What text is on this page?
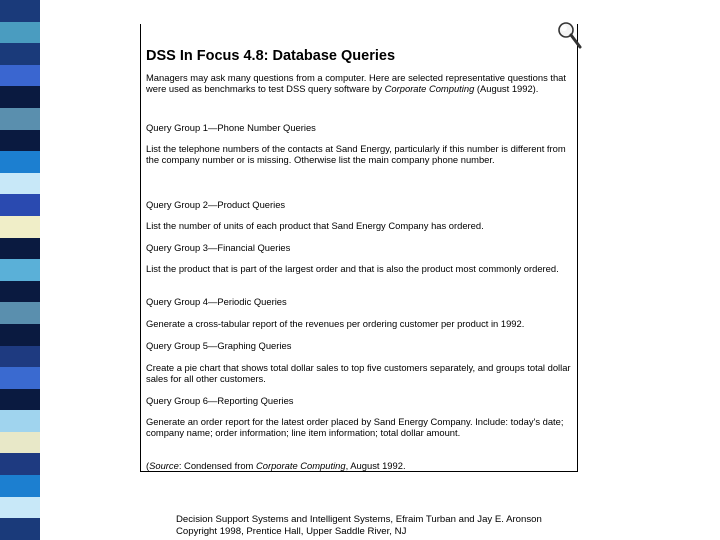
DSS In Focus 4.8: Database Queries

Managers may ask many questions from a computer. Here are selected representative questions that were used as benchmarks to test DSS query software by Corporate Computing (August 1992).

Query Group 1—Phone Number Queries

List the telephone numbers of the contacts at Sand Energy, particularly if this number is different from the company number or is missing. Otherwise list the main company phone number.

Query Group 2—Product Queries

List the number of units of each product that Sand Energy Company has ordered.

Query Group 3—Financial Queries

List the product that is part of the largest order and that is also the product most commonly ordered.

Query Group 4—Periodic Queries

Generate a cross-tabular report of the revenues per ordering customer per product in 1992.

Query Group 5—Graphing Queries

Create a pie chart that shows total dollar sales to top five customers separately, and groups total dollar sales for all other customers.

Query Group 6—Reporting Queries

Generate an order report for the latest order placed by Sand Energy Company. Include: today's date; company name; order information; line item information; total dollar amount.

(Source: Condensed from Corporate Computing, August 1992.

Decision Support Systems and Intelligent Systems, Efraim Turban and Jay E. Aronson
Copyright 1998, Prentice Hall, Upper Saddle River, NJ
